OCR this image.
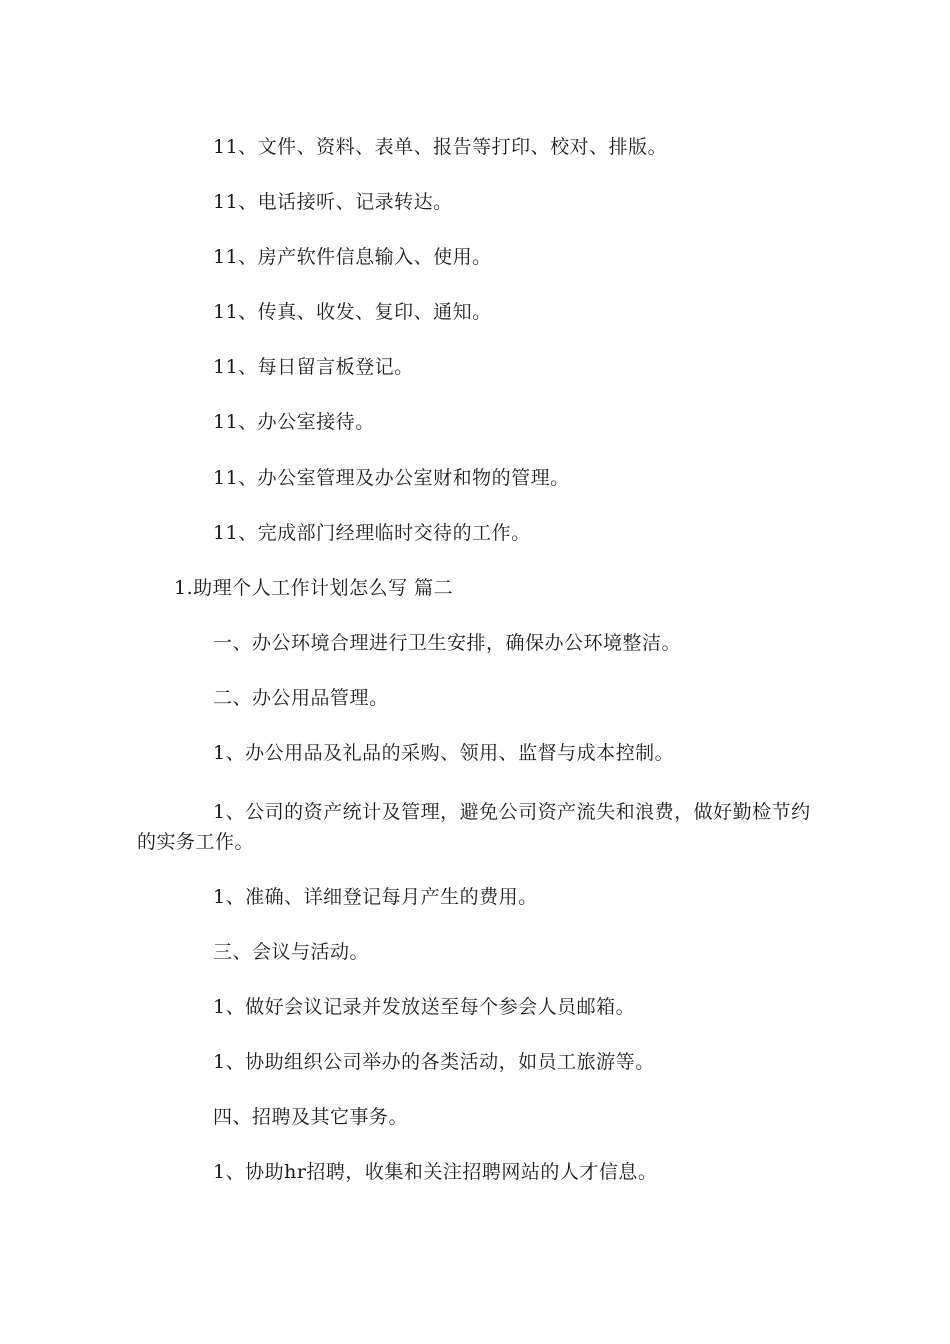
11、文件、资料、表单、报告等打印、校对、排版。
11、电话接听、记录转达。
11、房产软件信息输入、使用。
11、传真、收发、复印、通知。
11、每日留言板登记。
11、办公室接待。
11、办公室管理及办公室财和物的管理。
11、完成部门经理临时交待的工作。
1.助理个人工作计划怎么写 篇二
一、办公环境合理进行卫生安排，确保办公环境整洁。
二、办公用品管理。
1、办公用品及礼品的采购、领用、监督与成本控制。
1、公司的资产统计及管理，避免公司资产流失和浪费，做好勤检节约
的实务工作。
1、准确、详细登记每月产生的费用。
三、会议与活动。
1、做好会议记录并发放送至每个参会人员邮箱。
1、协助组织公司举办的各类活动，如员工旅游等。
四、招聘及其它事务。
1、协助hr招聘，收集和关注招聘网站的人才信息。
